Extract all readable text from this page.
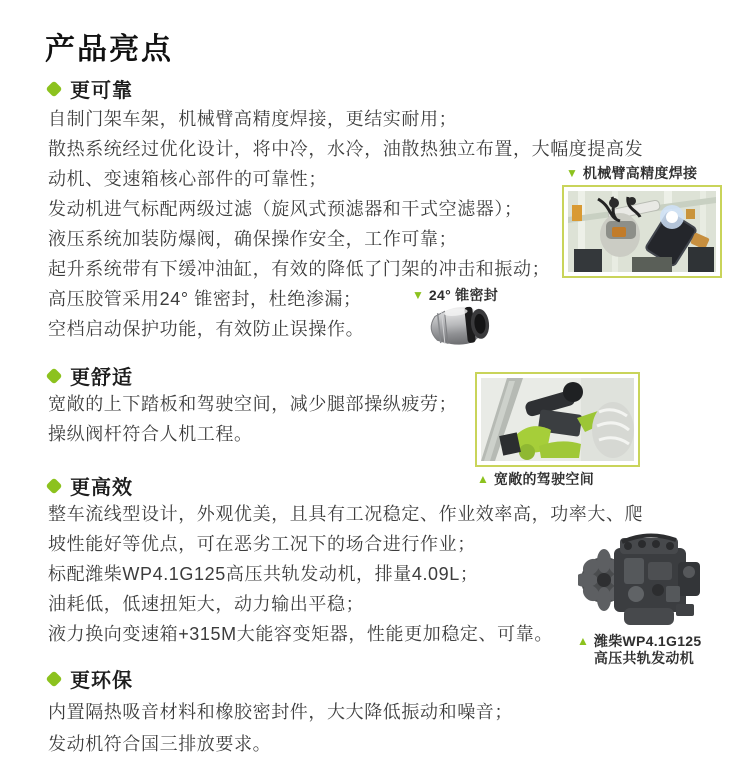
产品亮点
更可靠
自制门架车架，机械臂高精度焊接，更结实耐用；
散热系统经过优化设计，将中冷，水冷，油散热独立布置，大幅度提高发
动机、变速箱核心部件的可靠性；
发动机进气标配两级过滤（旋风式预滤器和干式空滤器）；
液压系统加装防爆阀，确保操作安全，工作可靠；
起升系统带有下缓冲油缸，有效的降低了门架的冲击和振动；
高压胶管采用24° 锥密封，杜绝渗漏；
空档启动保护功能，有效防止误操作。
▼ 机械臂高精度焊接
▼ 24° 锥密封
更舒适
宽敞的上下踏板和驾驶空间，减少腿部操纵疲劳；
操纵阀杆符合人机工程。
▲ 宽敞的驾驶空间
更高效
整车流线型设计，外观优美，且具有工况稳定、作业效率高，功率大、爬
坡性能好等优点，可在恶劣工况下的场合进行作业；
标配潍柴WP4.1G125高压共轨发动机，排量4.09L；
油耗低，低速扭矩大，动力输出平稳；
液力换向变速箱+315M大能容变矩器，性能更加稳定、可靠。	▲ 潍柴WP4.1G125
高压共轨发动机
更环保
内置隔热吸音材料和橡胶密封件，大大降低振动和噪音；
发动机符合国三排放要求。
